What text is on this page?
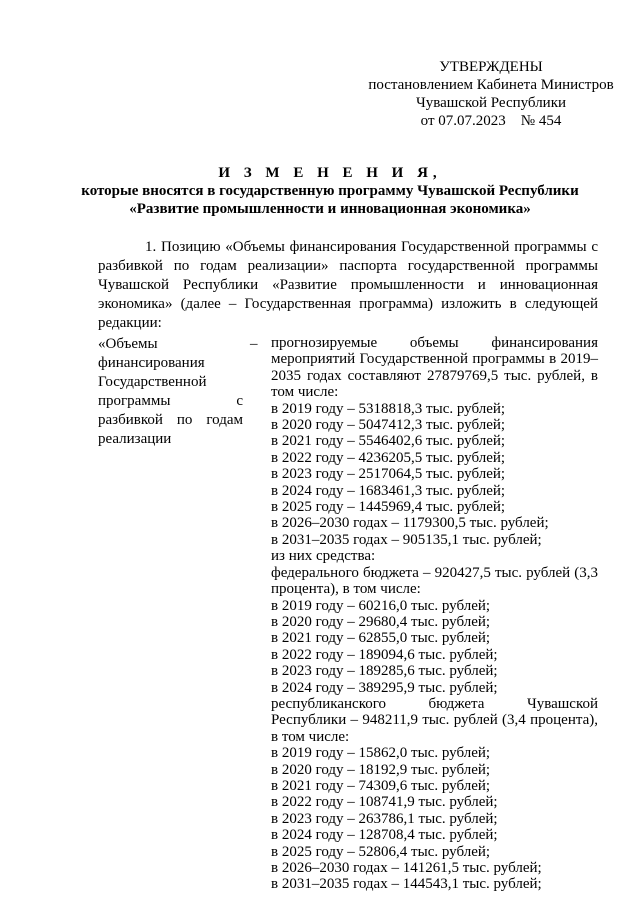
УТВЕРЖДЕНЫ
постановлением Кабинета Министров
Чувашской Республики
от 07.07.2023    № 454
И З М Е Н Е Н И Я,
которые вносятся в государственную программу Чувашской Республики
«Развитие промышленности и инновационная экономика»
1. Позицию «Объемы финансирования Государственной программы с разбивкой по годам реализации» паспорта государственной программы Чувашской Республики «Развитие промышленности и инновационная экономика» (далее – Государственная программа) изложить в следующей редакции:
«Объемы финансирования Государственной программы с разбивкой по годам реализации
– прогнозируемые объемы финансирования мероприятий Государственной программы в 2019–2035 годах составляют 27879769,5 тыс. рублей, в том числе:
в 2019 году – 5318818,3 тыс. рублей;
в 2020 году – 5047412,3 тыс. рублей;
в 2021 году – 5546402,6 тыс. рублей;
в 2022 году – 4236205,5 тыс. рублей;
в 2023 году – 2517064,5 тыс. рублей;
в 2024 году – 1683461,3 тыс. рублей;
в 2025 году – 1445969,4 тыс. рублей;
в 2026–2030 годах – 1179300,5 тыс. рублей;
в 2031–2035 годах – 905135,1 тыс. рублей;
из них средства:
федерального бюджета – 920427,5 тыс. рублей (3,3 процента), в том числе:
в 2019 году – 60216,0 тыс. рублей;
в 2020 году – 29680,4 тыс. рублей;
в 2021 году – 62855,0 тыс. рублей;
в 2022 году – 189094,6 тыс. рублей;
в 2023 году – 189285,6 тыс. рублей;
в 2024 году – 389295,9 тыс. рублей;
республиканского бюджета Чувашской Республики – 948211,9 тыс. рублей (3,4 процента), в том числе:
в 2019 году – 15862,0 тыс. рублей;
в 2020 году – 18192,9 тыс. рублей;
в 2021 году – 74309,6 тыс. рублей;
в 2022 году – 108741,9 тыс. рублей;
в 2023 году – 263786,1 тыс. рублей;
в 2024 году – 128708,4 тыс. рублей;
в 2025 году – 52806,4 тыс. рублей;
в 2026–2030 годах – 141261,5 тыс. рублей;
в 2031–2035 годах – 144543,1 тыс. рублей;
